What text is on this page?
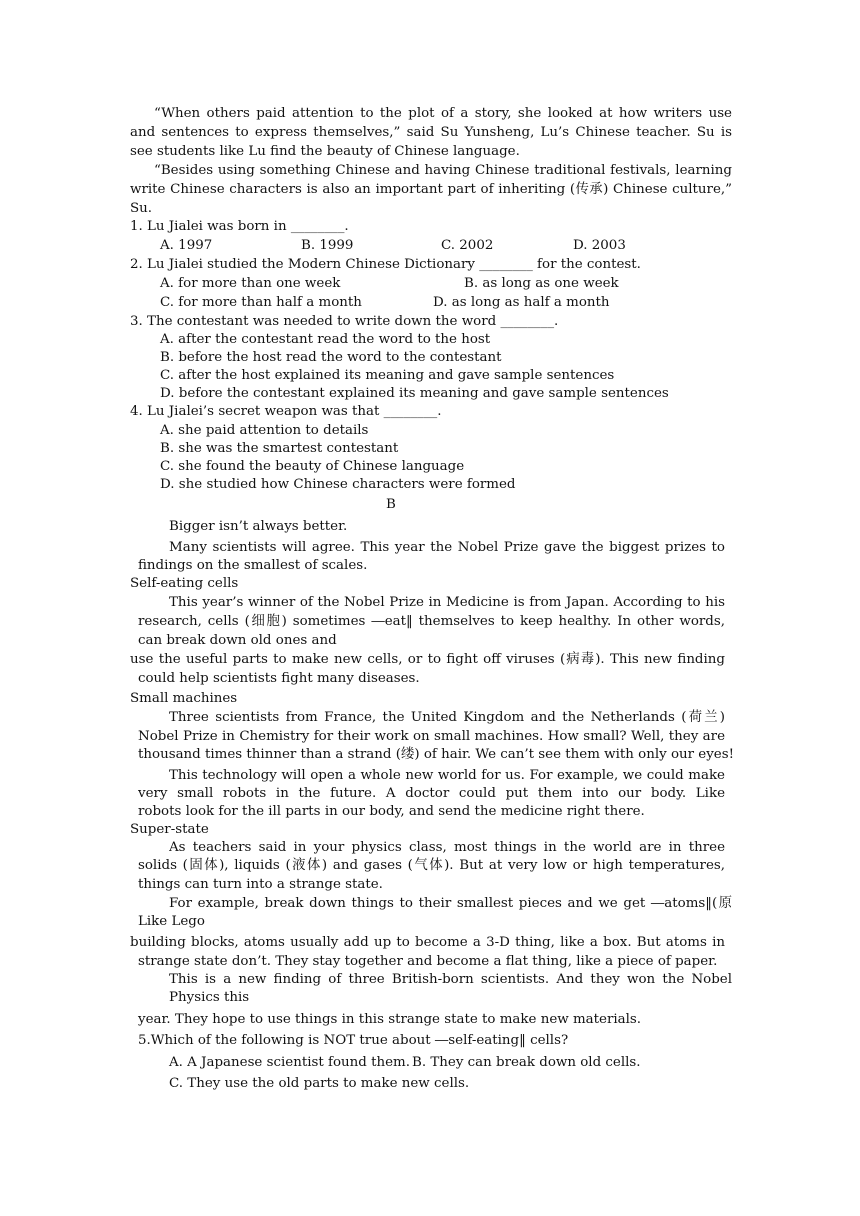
“When others paid attention to the plot of a story, she looked at how writers use

and sentences to express themselves,” said Su Yunsheng, Lu’s Chinese teacher. Su is

see students like Lu find the beauty of Chinese language.

“Besides using something Chinese and having Chinese traditional festivals, learning

write Chinese characters is also an important part of inheriting (传承) Chinese culture,”

Su.

1. Lu Jialei was born in ________.
A. 1997	B. 1999	C. 2002	D. 2003
2. Lu Jialei studied the Modern Chinese Dictionary ________ for the contest.
A. for more than one week	B. as long as one week
C. for more than half a month	D. as long as half a month
3. The contestant was needed to write down the word ________.
A. after the contestant read the word to the host
B. before the host read the word to the contestant
C. after the host explained its meaning and gave sample sentences
D. before the contestant explained its meaning and gave sample sentences
4. Lu Jialei’s secret weapon was that ________.
A. she paid attention to details
B. she was the smartest contestant
C. she found the beauty of Chinese language
D. she studied how Chinese characters were formed
B

Bigger isn’t always better.

Many scientists will agree. This year the Nobel Prize gave the biggest prizes to

findings on the smallest of scales.

Self-eating cells

This year’s winner of the Nobel Prize in Medicine is from Japan. According to his

research, cells (细胞) sometimes ―eat‖ themselves to keep healthy. In other words,

can break down old ones and

use the useful parts to make new cells, or to fight off viruses (病毒). This new finding

could help scientists fight many diseases.

Small machines

Three scientists from France, the United Kingdom and the Netherlands (荷兰)

Nobel Prize in Chemistry for their work on small machines. How small? Well, they are

thousand times thinner than a strand (缕) of hair. We can’t see them with only our eyes!

This technology will open a whole new world for us. For example, we could make

very small robots in the future. A doctor could put them into our body. Like

robots look for the ill parts in our body, and send the medicine right there.

Super-state

As teachers said in your physics class, most things in the world are in three

solids (固体), liquids (液体) and gases (气体). But at very low or high temperatures,

things can turn into a strange state.

For example, break down things to their smallest pieces and we get ―atoms‖(原

Like Lego

building blocks, atoms usually add up to become a 3-D thing, like a box. But atoms in

strange state don’t. They stay together and become a flat thing, like a piece of paper.

This is a new finding of three British-born scientists. And they won the Nobel

Physics this

year. They hope to use things in this strange state to make new materials.

5.Which of the following is NOT true about ―self-eating‖ cells?
A. A Japanese scientist found them. B. They can break down old cells.
C. They use the old parts to make new cells.
